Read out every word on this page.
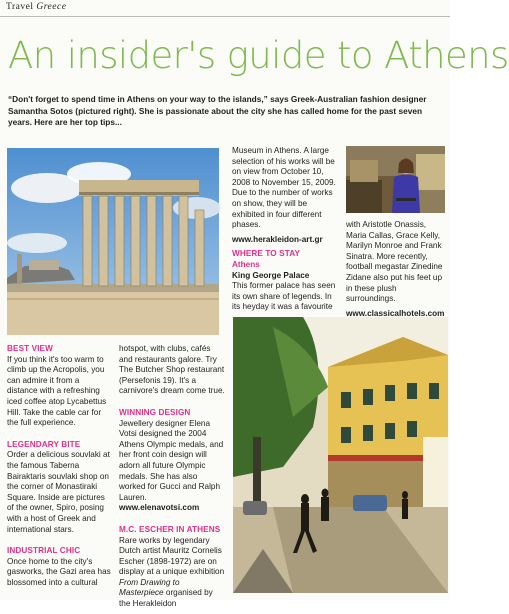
Travel Greece
An insider's guide to Athens
“Don't forget to spend time in Athens on your way to the islands,” says Greek-Australian fashion designer Samantha Sotos (pictured right). She is passionate about the city she has called home for the past seven years. Here are her top tips...

Museum in Athens. A large selection of his works will be on view from October 10, 2008 to November 15, 2009. Due to the number of works on show, they will be exhibited in four different phases.

www.herakleidon-art.gr

WHERE TO STAY
Athens
King George Palace

This former palace has seen its own share of legends. In its heyday it was a favourite

with Aristotle Onassis, Maria Callas, Grace Kelly, Marilyn Monroe and Frank Sinatra. More recently, football megastar Zinedine Zidane also put his feet up in these plush surroundings.

www.classicalhotels.com

BEST VIEW

If you think it's too warm to climb up the Acropolis, you can admire it from a distance with a refreshing iced coffee atop Lycabettus Hill. Take the cable car for the full experience.

LEGENDARY BITE

Order a delicious souvlaki at the famous Taberna Bairaktaris souvlaki shop on the corner of Monastiraki Square. Inside are pictures of the owner, Spiro, posing with a host of Greek and international stars.

INDUSTRIAL CHIC

Once home to the city's gasworks, the Gazi area has blossomed into a cultural

hotspot, with clubs, cafés and restaurants galore. Try The Butcher Shop restaurant (Persefonis 19). It's a carnivore's dream come true.

WINNING DESIGN

Jewellery designer Elena Votsi designed the 2004 Athens Olympic medals, and her front coin design will adorn all future Olympic medals. She has also worked for Gucci and Ralph Lauren. www.elenavotsi.com

M.C. ESCHER IN ATHENS

Rare works by legendary Dutch artist Mauritz Cornelis Escher (1898-1972) are on display at a unique exhibition From Drawing to Masterpiece organised by the Herakleidon
